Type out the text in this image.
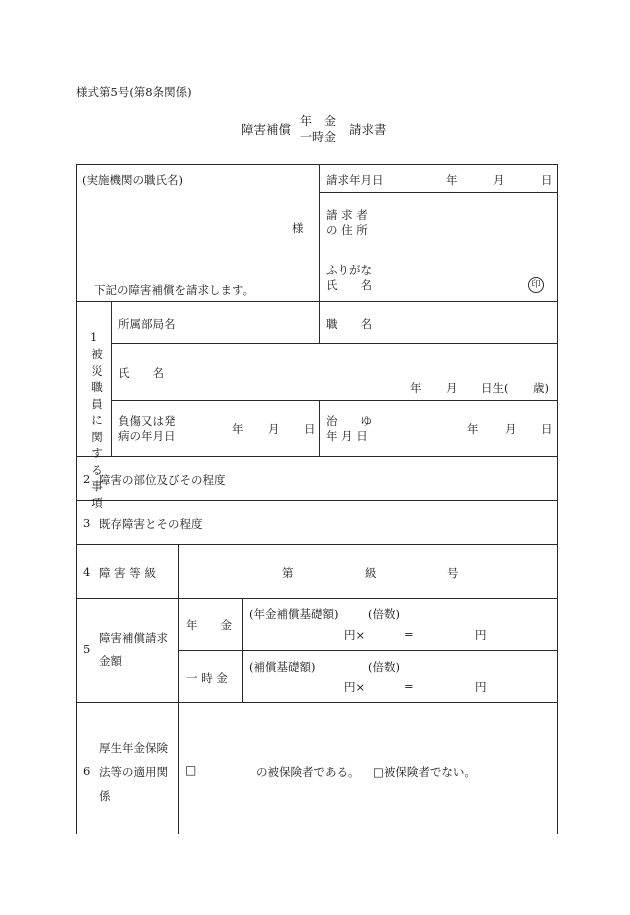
様式第5号(第8条関係)
障害補償
年　金
一時金 請求書
(実施機関の職氏名)
様
下記の障害補償を請求します。
請求年月日	年	月	日
請 求 者
の 住 所
ふりがな
氏　　名	印
1
被災職員に関する事項
所属部局名	職　　名
氏　　名
年 月 日生( 歳)
負傷又は発
病の年月日	年 月 日
治　　ゆ
年 月 日	年 月 日
2 障害の部位及びその程度
3 既存障害とその程度
4 障 害 等 級	第	級	号
5
障害補償請求
金額
年　　金
(年金補償基礎額)	(倍数)
円×	=	円
一 時 金
(補償基礎額)	(倍数)
円×	=	円
6
厚生年金保険
法等の適用関
係
□	の被保険者である。 □被保険者でない。
